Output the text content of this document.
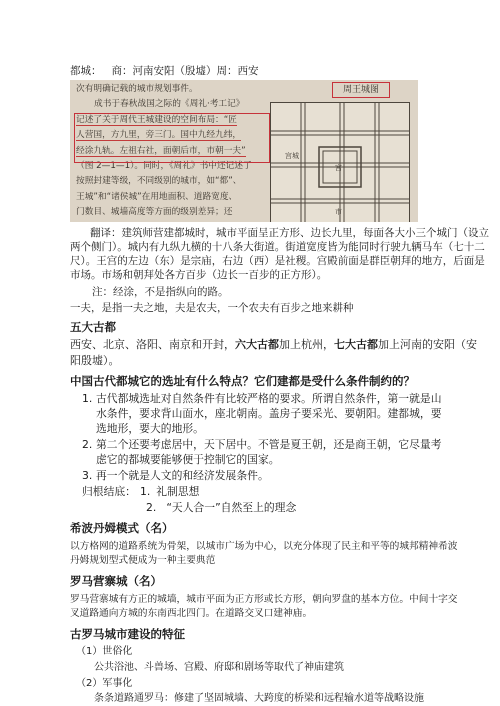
都城： 商：河南安阳（殷墟）周：西安
次有明确记载的城市规划事件。
成书于春秋战国之际的《周礼·考工记》
记述了关于周代王城建设的空间布局：“匠
人营国，方九里，旁三门。国中九经九纬，
经涂九轨。左祖右社，面朝后市，市朝一夫”
（图 2—1—1）。同时，《周礼》书中还记述了
按照封建等级，不同级别的城市，如“都”、
王城”和“诸侯城”在用地面积、道路宽度、
门数目、城墙高度等方面的级别差异；还
周王城图
宫城
宫
市
翻译：建筑师营建都城时，城市平面呈正方形、边长九里，每面各大小三个城门（设立
两个侧门）。城内有九纵九横的十八条大街道。街道宽度皆为能同时行驶九辆马车（七十二
尺）。王宫的左边（东）是宗庙，右边（西）是社稷。宫殿前面是群臣朝拜的地方，后面是
市场。市场和朝拜处各方百步（边长一百步的正方形）。
注：经涂，不是指纵向的路。
一夫，是指一夫之地，夫是农夫，一个农夫有百步之地来耕种
五大古都
西安、北京、洛阳、南京和开封，六大古都加上杭州，七大古都加上河南的安阳（安
阳殷墟）。
中国古代都城它的选址有什么特点？它们建都是受什么条件制约的？
1. 古代都城选址对自然条件有比较严格的要求。所谓自然条件，第一就是山
水条件，要求背山面水，座北朝南。盖房子要采光、要朝阳。建都城，要
选地形，要大的地形。
2. 第二个还要考虑居中，天下居中。不管是夏王朝，还是商王朝，它尽量考
虑它的都城要能够便于控制它的国家。
3. 再一个就是人文的和经济发展条件。
归根结底： 1. 礼制思想
2. “天人合一”自然至上的理念
希波丹姆模式（名）
以方格网的道路系统为骨架，以城市广场为中心，以充分体现了民主和平等的城邦精神希波
丹姆规划型式便成为一种主要典范
罗马营寨城（名）
罗马营寨城有方正的城墙，城市平面为正方形或长方形，朝向罗盘的基本方位。中间十字交
叉道路通向方城的东南西北四门。在道路交叉口建神庙。
古罗马城市建设的特征
（1）世俗化
公共浴池、斗兽场、宫殿、府邸和剧场等取代了神庙建筑
（2）军事化
条条道路通罗马：修建了坚固城墙、大跨度的桥梁和远程输水道等战略设施
